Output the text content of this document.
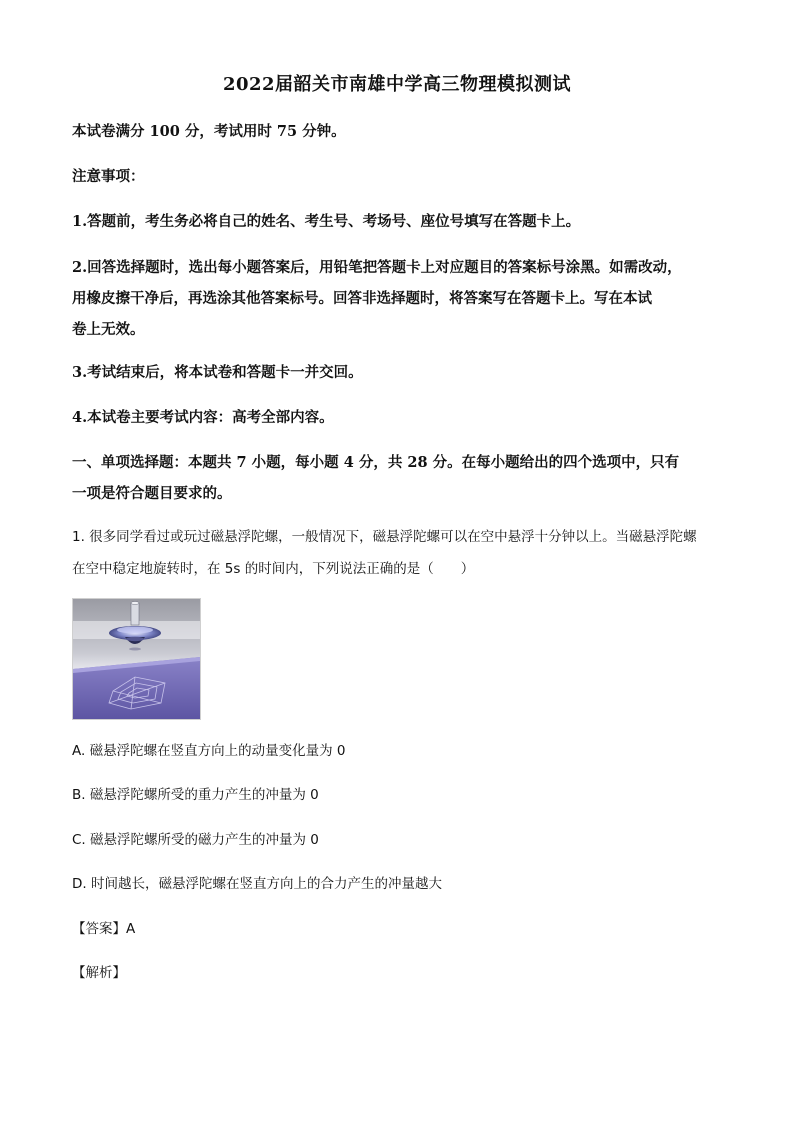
2022届韶关市南雄中学高三物理模拟测试
本试卷满分 100 分，考试用时 75 分钟。
注意事项：
1.答题前，考生务必将自己的姓名、考生号、考场号、座位号填写在答题卡上。
2.回答选择题时，选出每小题答案后，用铅笔把答题卡上对应题目的答案标号涂黑。如需改动，
用橡皮擦干净后，再选涂其他答案标号。回答非选择题时，将答案写在答题卡上。写在本试
卷上无效。
3.考试结束后，将本试卷和答题卡一并交回。
4.本试卷主要考试内容：高考全部内容。
一、单项选择题：本题共 7 小题，每小题 4 分，共 28 分。在每小题给出的四个选项中，只有
一项是符合题目要求的。
1. 很多同学看过或玩过磁悬浮陀螺，一般情况下，磁悬浮陀螺可以在空中悬浮十分钟以上。当磁悬浮陀螺
在空中稳定地旋转时，在 5s 的时间内，下列说法正确的是（　　）
A. 磁悬浮陀螺在竖直方向上的动量变化量为 0
B. 磁悬浮陀螺所受的重力产生的冲量为 0
C. 磁悬浮陀螺所受的磁力产生的冲量为 0
D. 时间越长，磁悬浮陀螺在竖直方向上的合力产生的冲量越大
【答案】A
【解析】
